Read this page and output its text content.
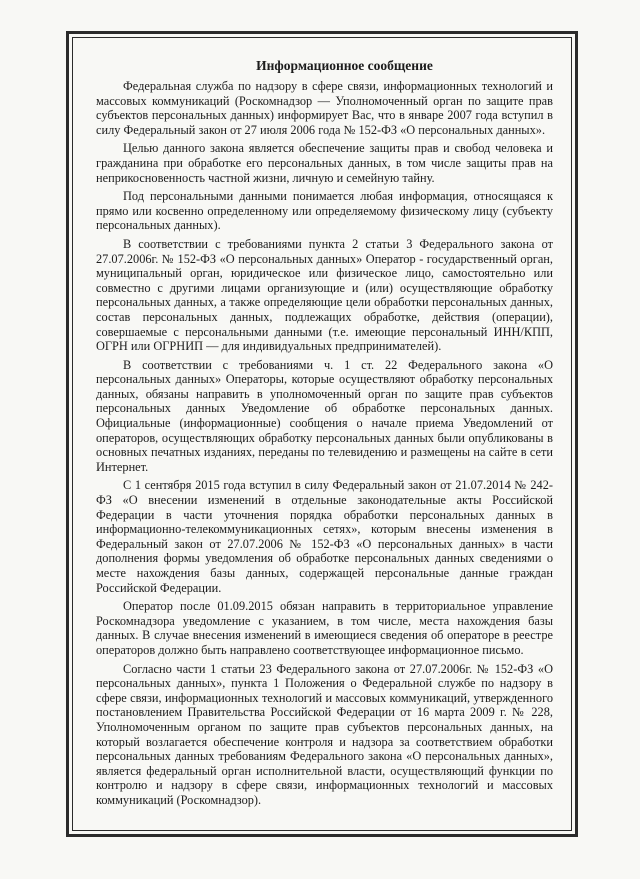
Информационное сообщение

Федеральная служба по надзору в сфере связи, информационных технологий и массовых коммуникаций (Роскомнадзор — Уполномоченный орган по защите прав субъектов персональных данных) информирует Вас, что в январе 2007 года вступил в силу Федеральный закон от 27 июля 2006 года № 152-ФЗ «О персональных данных».

Целью данного закона является обеспечение защиты прав и свобод человека и гражданина при обработке его персональных данных, в том числе защиты прав на неприкосновенность частной жизни, личную и семейную тайну.

Под персональными данными понимается любая информация, относящаяся к прямо или косвенно определенному или определяемому физическому лицу (субъекту персональных данных).

В соответствии с требованиями пункта 2 статьи 3 Федерального закона от 27.07.2006г. № 152-ФЗ «О персональных данных» Оператор - государственный орган, муниципальный орган, юридическое или физическое лицо, самостоятельно или совместно с другими лицами организующие и (или) осуществляющие обработку персональных данных, а также определяющие цели обработки персональных данных, состав персональных данных, подлежащих обработке, действия (операции), совершаемые с персональными данными (т.е. имеющие персональный ИНН/КПП, ОГРН или ОГРНИП — для индивидуальных предпринимателей).

В соответствии с требованиями ч. 1 ст. 22 Федерального закона «О персональных данных» Операторы, которые осуществляют обработку персональных данных, обязаны направить в уполномоченный орган по защите прав субъектов персональных данных Уведомление об обработке персональных данных. Официальные (информационные) сообщения о начале приема Уведомлений от операторов, осуществляющих обработку персональных данных были опубликованы в основных печатных изданиях, переданы по телевидению и размещены на сайте в сети Интернет.

С 1 сентября 2015 года вступил в силу Федеральный закон от 21.07.2014 № 242-ФЗ «О внесении изменений в отдельные законодательные акты Российской Федерации в части уточнения порядка обработки персональных данных в информационно-телекоммуникационных сетях», которым внесены изменения в Федеральный закон от 27.07.2006 № 152-ФЗ «О персональных данных» в части дополнения формы уведомления об обработке персональных данных сведениями о месте нахождения базы данных, содержащей персональные данные граждан Российской Федерации.

Оператор после 01.09.2015 обязан направить в территориальное управление Роскомнадзора уведомление с указанием, в том числе, места нахождения базы данных. В случае внесения изменений в имеющиеся сведения об операторе в реестре операторов должно быть направлено соответствующее информационное письмо.

Согласно части 1 статьи 23 Федерального закона от 27.07.2006г. № 152-ФЗ «О персональных данных», пункта 1 Положения о Федеральной службе по надзору в сфере связи, информационных технологий и массовых коммуникаций, утвержденного постановлением Правительства Российской Федерации от 16 марта 2009 г. № 228, Уполномоченным органом по защите прав субъектов персональных данных, на который возлагается обеспечение контроля и надзора за соответствием обработки персональных данных требованиям Федерального закона «О персональных данных», является федеральный орган исполнительной власти, осуществляющий функции по контролю и надзору в сфере связи, информационных технологий и массовых коммуникаций (Роскомнадзор).
